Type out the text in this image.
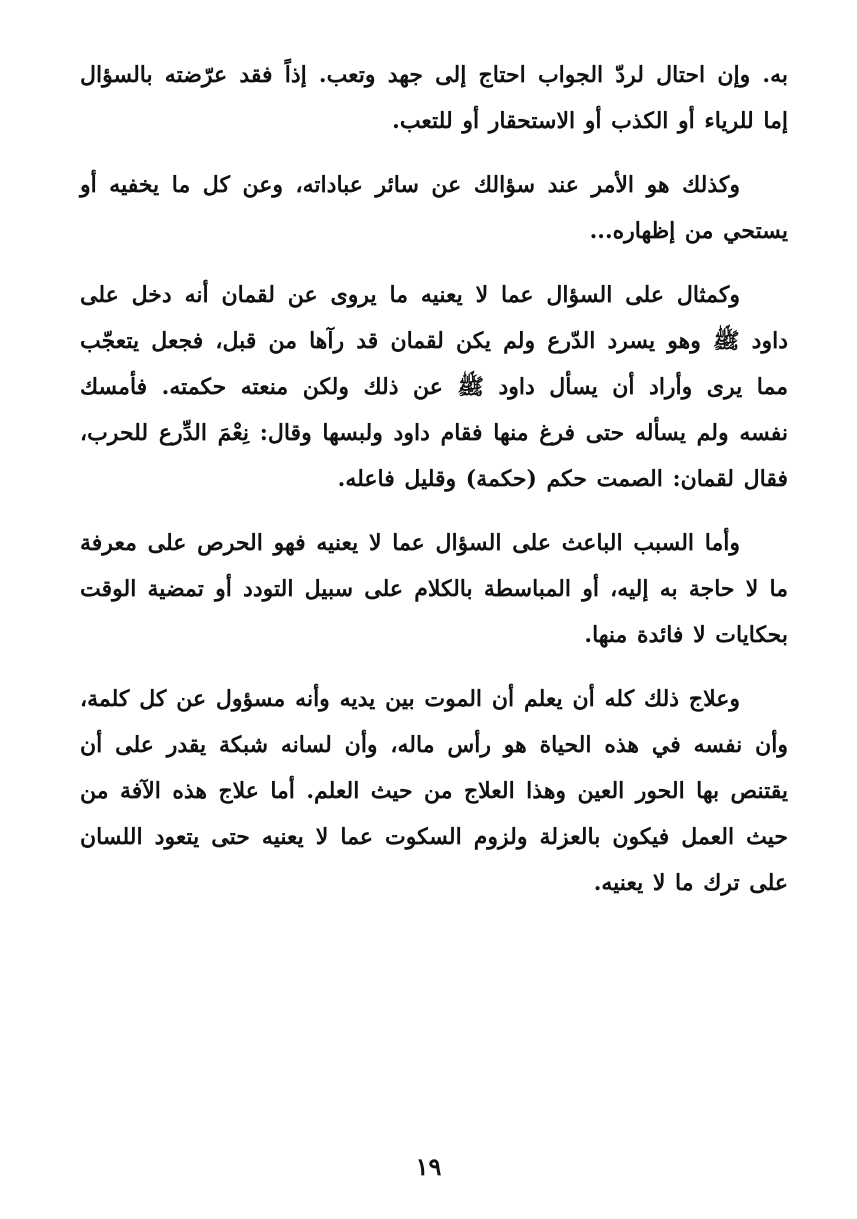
به. وإن احتال لردّ الجواب احتاج إلى جهد وتعب. إذاً فقد عرّضته بالسؤال إما للرياء أو الكذب أو الاستحقار أو للتعب.

وكذلك هو الأمر عند سؤالك عن سائر عباداته، وعن كل ما يخفيه أو يستحي من إظهاره...

وكمثال على السؤال عما لا يعنيه ما يروى عن لقمان أنه دخل على داود ﷺ وهو يسرد الدّرع ولم يكن لقمان قد رآها من قبل، فجعل يتعجّب مما يرى وأراد أن يسأل داود ﷺ عن ذلك ولكن منعته حكمته. فأمسك نفسه ولم يسأله حتى فرغ منها فقام داود ولبسها وقال: نِعْمَ الدِّرع للحرب، فقال لقمان: الصمت حكم (حكمة) وقليل فاعله.

وأما السبب الباعث على السؤال عما لا يعنيه فهو الحرص على معرفة ما لا حاجة به إليه، أو المباسطة بالكلام على سبيل التودد أو تمضية الوقت بحكايات لا فائدة منها.

وعلاج ذلك كله أن يعلم أن الموت بين يديه وأنه مسؤول عن كل كلمة، وأن نفسه في هذه الحياة هو رأس ماله، وأن لسانه شبكة يقدر على أن يقتنص بها الحور العين وهذا العلاج من حيث العلم. أما علاج هذه الآفة من حيث العمل فيكون بالعزلة ولزوم السكوت عما لا يعنيه حتى يتعود اللسان على ترك ما لا يعنيه.

١٩
